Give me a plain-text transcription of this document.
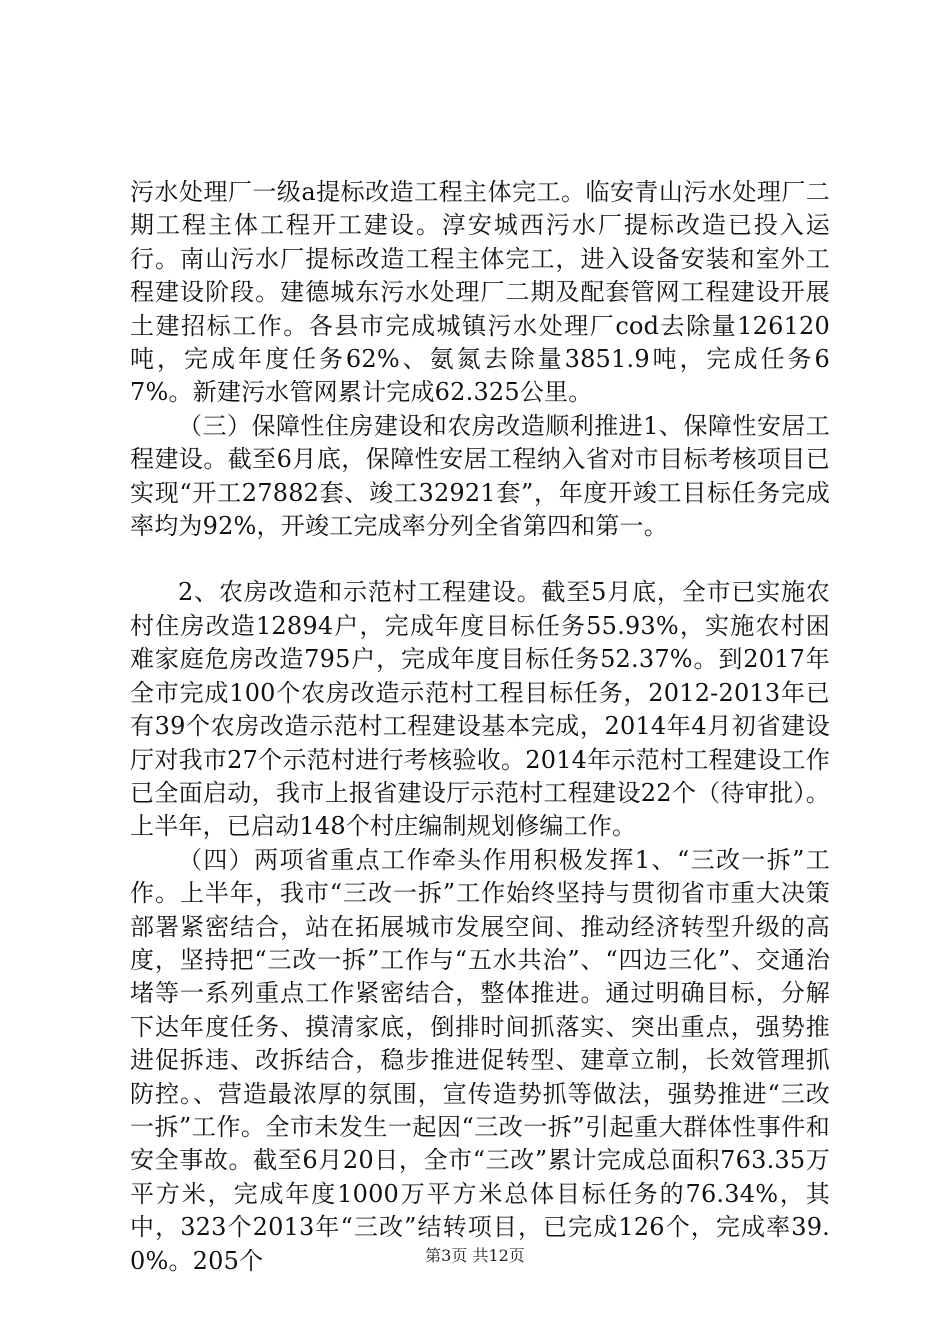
污水处理厂一级a提标改造工程主体完工。临安青山污水处理厂二期工程主体工程开工建设。淳安城西污水厂提标改造已投入运行。南山污水厂提标改造工程主体完工，进入设备安装和室外工程建设阶段。建德城东污水处理厂二期及配套管网工程建设开展土建招标工作。各县市完成城镇污水处理厂cod去除量126120吨，完成年度任务62%、氨氮去除量3851.9吨，完成任务67%。新建污水管网累计完成62.325公里。

（三）保障性住房建设和农房改造顺利推进1、保障性安居工程建设。截至6月底，保障性安居工程纳入省对市目标考核项目已实现“开工27882套、竣工32921套”，年度开竣工目标任务完成率均为92%，开竣工完成率分列全省第四和第一。

2、农房改造和示范村工程建设。截至5月底，全市已实施农村住房改造12894户，完成年度目标任务55.93%，实施农村困难家庭危房改造795户，完成年度目标任务52.37%。到2017年全市完成100个农房改造示范村工程目标任务，2012-2013年已有39个农房改造示范村工程建设基本完成，2014年4月初省建设厅对我市27个示范村进行考核验收。2014年示范村工程建设工作已全面启动，我市上报省建设厅示范村工程建设22个（待审批）。上半年，已启动148个村庄编制规划修编工作。

（四）两项省重点工作牵头作用积极发挥1、“三改一拆”工作。上半年，我市“三改一拆”工作始终坚持与贯彻省市重大决策部署紧密结合，站在拓展城市发展空间、推动经济转型升级的高度，坚持把“三改一拆”工作与“五水共治”、“四边三化”、交通治堵等一系列重点工作紧密结合，整体推进。通过明确目标，分解下达年度任务、摸清家底，倒排时间抓落实、突出重点，强势推进促拆违、改拆结合，稳步推进促转型、建章立制，长效管理抓防控。、营造最浓厚的氛围，宣传造势抓等做法，强势推进“三改一拆”工作。全市未发生一起因“三改一拆”引起重大群体性事件和安全事故。截至6月20日，全市“三改”累计完成总面积763.35万平方米，完成年度1000万平方米总体目标任务的76.34%，其中，323个2013年“三改”结转项目，已完成126个，完成率39.0%。205个	第3页 共12页
